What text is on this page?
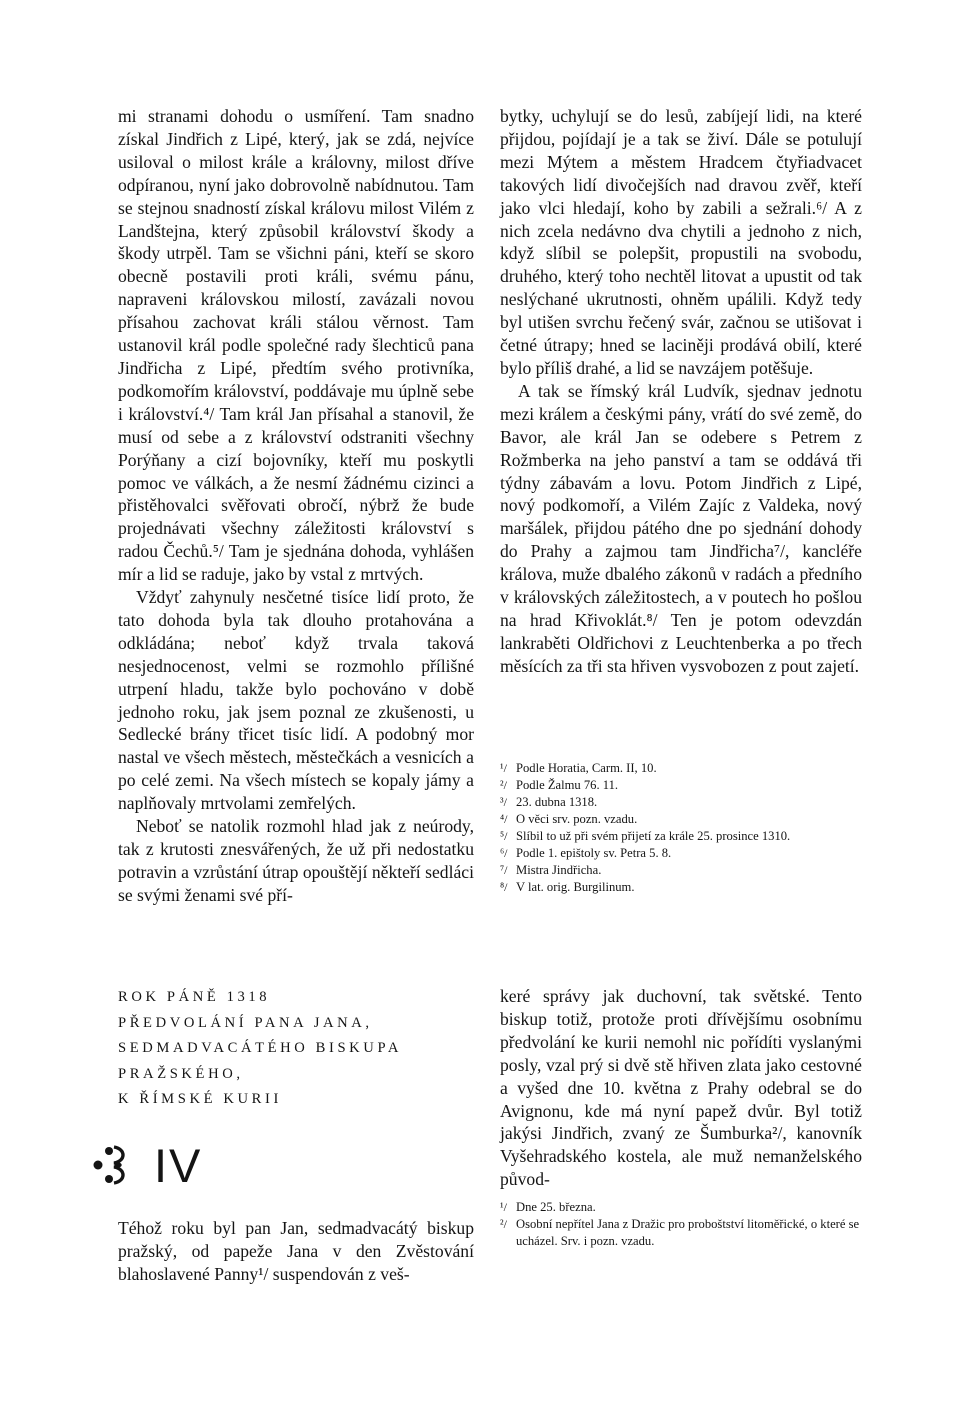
mi stranami dohodu o usmíření. Tam snadno získal Jindřich z Lipé, který, jak se zdá, nejvíce usiloval o milost krále a královny, milost dříve odpíranou, nyní jako dobrovolně nabídnutou. Tam se stejnou snadností získal královu milost Vilém z Landštejna, který způsobil království škody a škody utrpěl. Tam se všichni páni, kteří se skoro obecně postavili proti králi, svému pánu, napraveni královskou milostí, zavázali novou přísahou zachovat králi stálou věrnost. Tam ustanovil král podle společné rady šlechticů pana Jindřicha z Lipé, předtím svého protivníka, podkomořím království, poddávaje mu úplně sebe i království.⁴/ Tam král Jan přísahal a stanovil, že musí od sebe a z království odstraniti všechny Porýňany a cizí bojovníky, kteří mu poskytli pomoc ve válkách, a že nesmí žádnému cizinci a přistěhovalci svěřovati obročí, nýbrž že bude projednávati všechny záležitosti království s radou Čechů.⁵/ Tam je sjednána dohoda, vyhlášen mír a lid se raduje, jako by vstal z mrtvých.

Vždyť zahynuly nesčetné tisíce lidí proto, že tato dohoda byla tak dlouho protahována a odkládána; neboť když trvala taková nesjednocenost, velmi se rozmohlo přílišné utrpení hladu, takže bylo pochováno v době jednoho roku, jak jsem poznal ze zkušenosti, u Sedlecké brány třicet tisíc lidí. A podobný mor nastal ve všech městech, městečkách a vesnicích a po celé zemi. Na všech místech se kopaly jámy a naplňovaly mrtvolami zemřelých.

Neboť se natolik rozmohl hlad jak z neúrody, tak z krutosti znesvářených, že už při nedostatku potravin a vzrůstání útrap opouštějí někteří sedláci se svými ženami své pří-

bytky, uchylují se do lesů, zabíjejí lidi, na které přijdou, pojídají je a tak se živí. Dále se potulují mezi Mýtem a městem Hradcem čtyřiadvacet takových lidí divočejších nad dravou zvěř, kteří jako vlci hledají, koho by zabili a sežrali.⁶/ A z nich zcela nedávno dva chytili a jednoho z nich, když slíbil se polepšit, propustili na svobodu, druhého, který toho nechtěl litovat a upustit od tak neslýchané ukrutnosti, ohněm upálili. Když tedy byl utišen svrchu řečený svár, začnou se utišovat i četné útrapy; hned se laciněji prodává obilí, které bylo příliš drahé, a lid se navzájem potěšuje.

A tak se římský král Ludvík, sjednav jednotu mezi králem a českými pány, vrátí do své země, do Bavor, ale král Jan se odebere s Petrem z Rožmberka na jeho panství a tam se oddává tři týdny zábavám a lovu. Potom Jindřich z Lipé, nový podkomoří, a Vilém Zajíc z Valdeka, nový maršálek, přijdou pátého dne po sjednání dohody do Prahy a zajmou tam Jindřicha⁷/, kancléře králova, muže dbalého zákonů v radách a předního v královských záležitostech, a v poutech ho pošlou na hrad Křivoklát.⁸/ Ten je potom odevzdán lankraběti Oldřichovi z Leuchtenberka a po třech měsících za tři sta hřiven vysvobozen z pout zajetí.

¹/ Podle Horatia, Carm. II, 10.
²/ Podle Žalmu 76. 11.
³/ 23. dubna 1318.
⁴/ O věci srv. pozn. vzadu.
⁵/ Slíbil to už při svém přijetí za krále 25. prosince 1310.
⁶/ Podle 1. epištoly sv. Petra 5. 8.
⁷/ Mistra Jindřicha.
⁸/ V lat. orig. Burgilinum.
ROK PÁNĚ 1318
PŘEDVOLÁNÍ PANA JANA,
SEDMADVACÁTÉHO BISKUPA
PRAŽSKÉHO,
K ŘÍMSKÉ KURII
IV

Téhož roku byl pan Jan, sedmadvacátý biskup pražský, od papeže Jana v den Zvěstování blahoslavené Panny¹/ suspendován z veš-

keré správy jak duchovní, tak světské. Tento biskup totiž, protože proti dřívějšímu osobnímu předvolání ke kurii nemohl nic pořídíti vyslanými posly, vzal prý si dvě stě hřiven zlata jako cestovné a vyšed dne 10. května z Prahy odebral se do Avignonu, kde má nyní papež dvůr. Byl totiž jakýsi Jindřich, zvaný ze Šumburka²/, kanovník Vyšehradského kostela, ale muž nemanželského původ-

¹/ Dne 25. března.
²/ Osobní nepřítel Jana z Dražic pro proboštství litoměřické, o které se ucházel. Srv. i pozn. vzadu.
